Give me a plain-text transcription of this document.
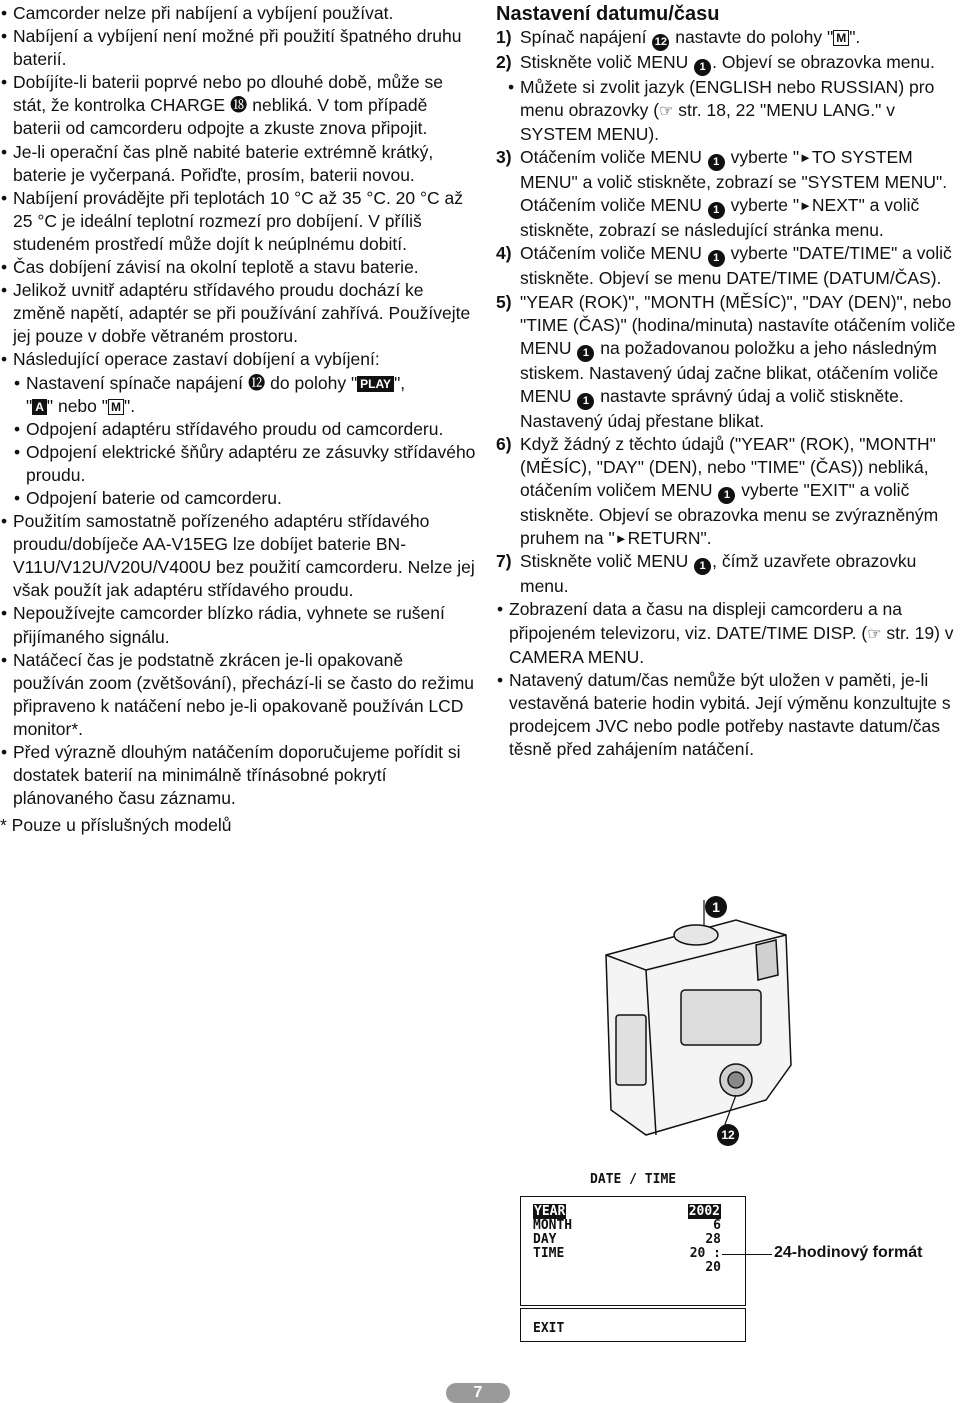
• Camcorder nelze při nabíjení a vybíjení používat.

• Nabíjení a vybíjení není možné při použití špatného druhu baterií.

• Dobíjíte-li baterii poprvé nebo po dlouhé době, může se stát, že kontrolka CHARGE ⓲ nebliká. V tom případě baterii od camcorderu odpojte a zkuste znova připojit.

• Je-li operační čas plně nabité baterie extrémně krátký, baterie je vyčerpaná. Pořiďte, prosím, baterii novou.

• Nabíjení provádějte při teplotách 10 °C až 35 °C. 20 °C až 25 °C je ideální teplotní rozmezí pro dobíjení. V příliš studeném prostředí může dojít k neúplnému dobití.

• Čas dobíjení závisí na okolní teplotě a stavu baterie.

• Jelikož uvnitř adaptéru střídavého proudu dochází ke změně napětí, adaptér se při používání zahřívá. Používejte jej pouze v dobře větraném prostoru.

• Následující operace zastaví dobíjení a vybíjení:

• Nastavení spínače napájení ⓬ do polohy " PLAY ",
" A " nebo " M ".

• Odpojení adaptéru střídavého proudu od camcorderu.

• Odpojení elektrické šňůry adaptéru ze zásuvky střídavého proudu.

• Odpojení baterie od camcorderu.

• Použitím samostatně pořízeného adaptéru střídavého proudu/dobíječe AA-V15EG lze dobíjet baterie BN-V11U/V12U/V20U/V400U bez použití camcorderu. Nelze jej však použít jak adaptéru střídavého proudu.

• Nepoužívejte camcorder blízko rádia, vyhnete se rušení přijímaného signálu.

• Natáčecí čas je podstatně zkrácen je-li opakovaně používán zoom (zvětšování), přechází-li se často do režimu připraveno k natáčení nebo je-li opakovaně používán LCD monitor*.

• Před výrazně dlouhým natáčením doporučujeme pořídit si dostatek baterií na minimálně třínásobné pokrytí plánovaného času záznamu.

* Pouze u příslušných modelů

Nastavení datumu/času

1) Spínač napájení 12 nastavte do polohy " M ".

2) Stiskněte volič MENU 1 . Objeví se obrazovka menu.

• Můžete si zvolit jazyk (ENGLISH nebo RUSSIAN) pro menu obrazovky (☞ str. 18, 22 "MENU LANG." v SYSTEM MENU).

3) Otáčením voliče MENU 1 vyberte "►TO SYSTEM MENU" a volič stiskněte, zobrazí se "SYSTEM MENU". Otáčením voliče MENU 1 vyberte "►NEXT" a volič stiskněte, zobrazí se následující stránka menu.

4) Otáčením voliče MENU 1 vyberte "DATE/TIME" a volič stiskněte. Objeví se menu DATE/TIME (DATUM/ČAS).

5) "YEAR (ROK)", "MONTH (MĚSÍC)", "DAY (DEN)", nebo "TIME (ČAS)" (hodina/minuta) nastavíte otáčením voliče MENU 1 na požadovanou položku a jeho následným stiskem. Nastavený údaj začne blikat, otáčením voliče MENU 1 nastavte správný údaj a volič stiskněte. Nastavený údaj přestane blikat.

6) Když žádný z těchto údajů ("YEAR" (ROK), "MONTH" (MĚSÍC), "DAY" (DEN), nebo "TIME" (ČAS)) nebliká, otáčením voličem MENU 1 vyberte "EXIT" a volič stiskněte. Objeví se obrazovka menu se zvýrazněným pruhem na "►RETURN".

7) Stiskněte volič MENU 1 , čímž uzavřete obrazovku menu.

• Zobrazení data a času na displeji camcorderu a na připojeném televizoru, viz. DATE/TIME DISP. (☞ str. 19) v CAMERA MENU.

• Natavený datum/čas nemůže být uložen v paměti, je-li vestavěná baterie hodin vybitá. Její výměnu konzultujte s prodejcem JVC nebo podle potřeby nastavte datum/čas těsně před zahájením natáčení.

1
12
DATE / TIME
YEAR	2002
MONTH	6
DAY	28
TIME	20 : 20
EXIT
24-hodinový formát
7
